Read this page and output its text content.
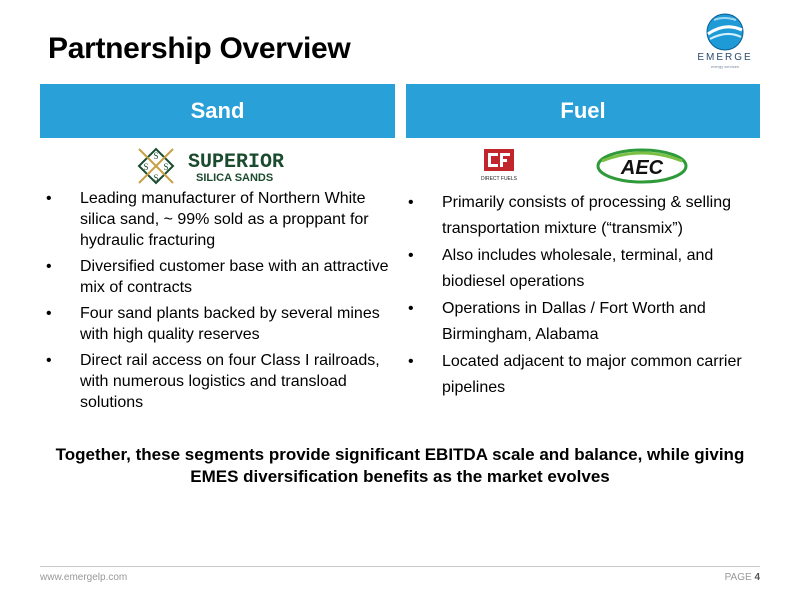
Partnership Overview	EMERGE
energy services
Sand	Fuel
S
S S
S
SUPERIOR
SILICA SANDS	DIRECT FUELS	AEC
• Leading manufacturer of Northern White silica sand, ~ 99% sold as a proppant for hydraulic fracturing
• Diversified customer base with an attractive mix of contracts
• Four sand plants backed by several mines with high quality reserves
• Direct rail access on four Class I railroads, with numerous logistics and transload solutions
• Primarily consists of processing & selling transportation mixture (“transmix”)
• Also includes wholesale, terminal, and biodiesel operations
• Operations in Dallas / Fort Worth and Birmingham, Alabama
• Located adjacent to major common carrier pipelines
Together, these segments provide significant EBITDA scale and balance, while giving EMES diversification benefits as the market evolves
www.emergelp.com	PAGE 4
